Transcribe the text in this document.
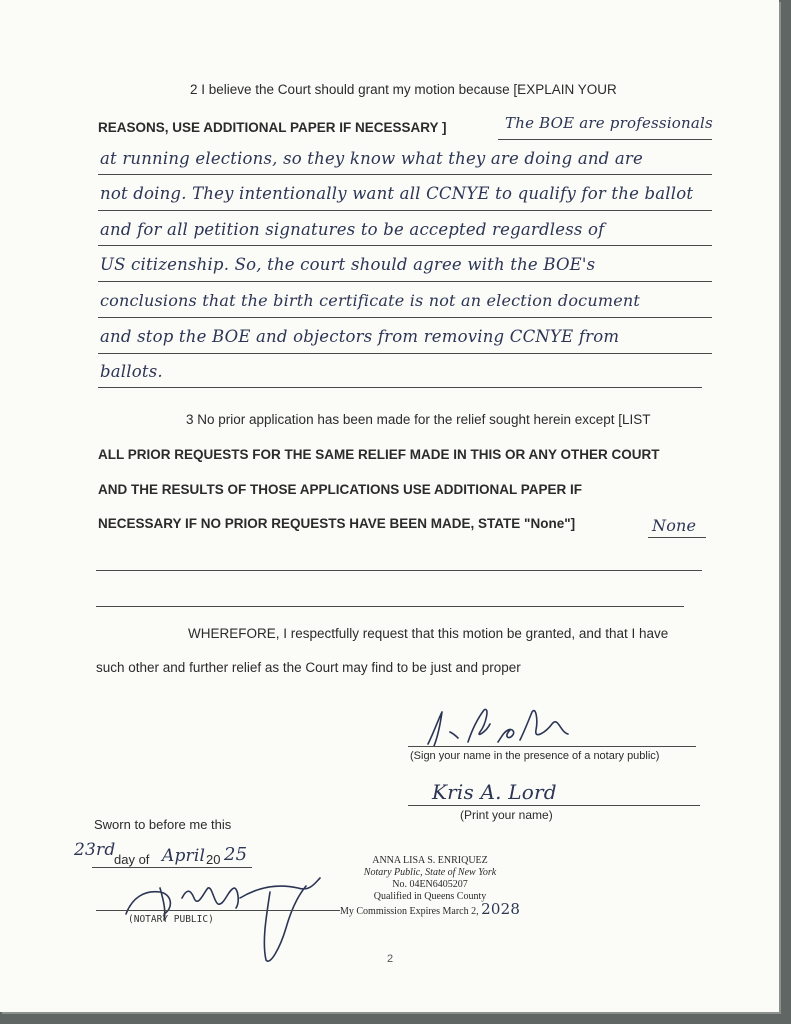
2 I believe the Court should grant my motion because [EXPLAIN YOUR
REASONS, USE ADDITIONAL PAPER IF NECESSARY ]	The BOE are professionals
at running elections, so they know what they are doing and are
not doing. They intentionally want all CCNYE to qualify for the ballot
and for all petition signatures to be accepted regardless of
US citizenship. So, the court should agree with the BOE's
conclusions that the birth certificate is not an election document
and stop the BOE and objectors from removing CCNYE from
ballots.
3 No prior application has been made for the relief sought herein except [LIST
ALL PRIOR REQUESTS FOR THE SAME RELIEF MADE IN THIS OR ANY OTHER COURT
AND THE RESULTS OF THOSE APPLICATIONS USE ADDITIONAL PAPER IF
NECESSARY IF NO PRIOR REQUESTS HAVE BEEN MADE, STATE "None"]	None
WHEREFORE, I respectfully request that this motion be granted, and that I have
such other and further relief as the Court may find to be just and proper
(Sign your name in the presence of a notary public)
Kris A. Lord
(Print your name)
Sworn to before me this
23rd
day of April 20 25
(NOTARY PUBLIC)
ANNA LISA S. ENRIQUEZ
Notary Public, State of New York
No. 04EN6405207
Qualified in Queens County
My Commission Expires March 2, 2028
2
